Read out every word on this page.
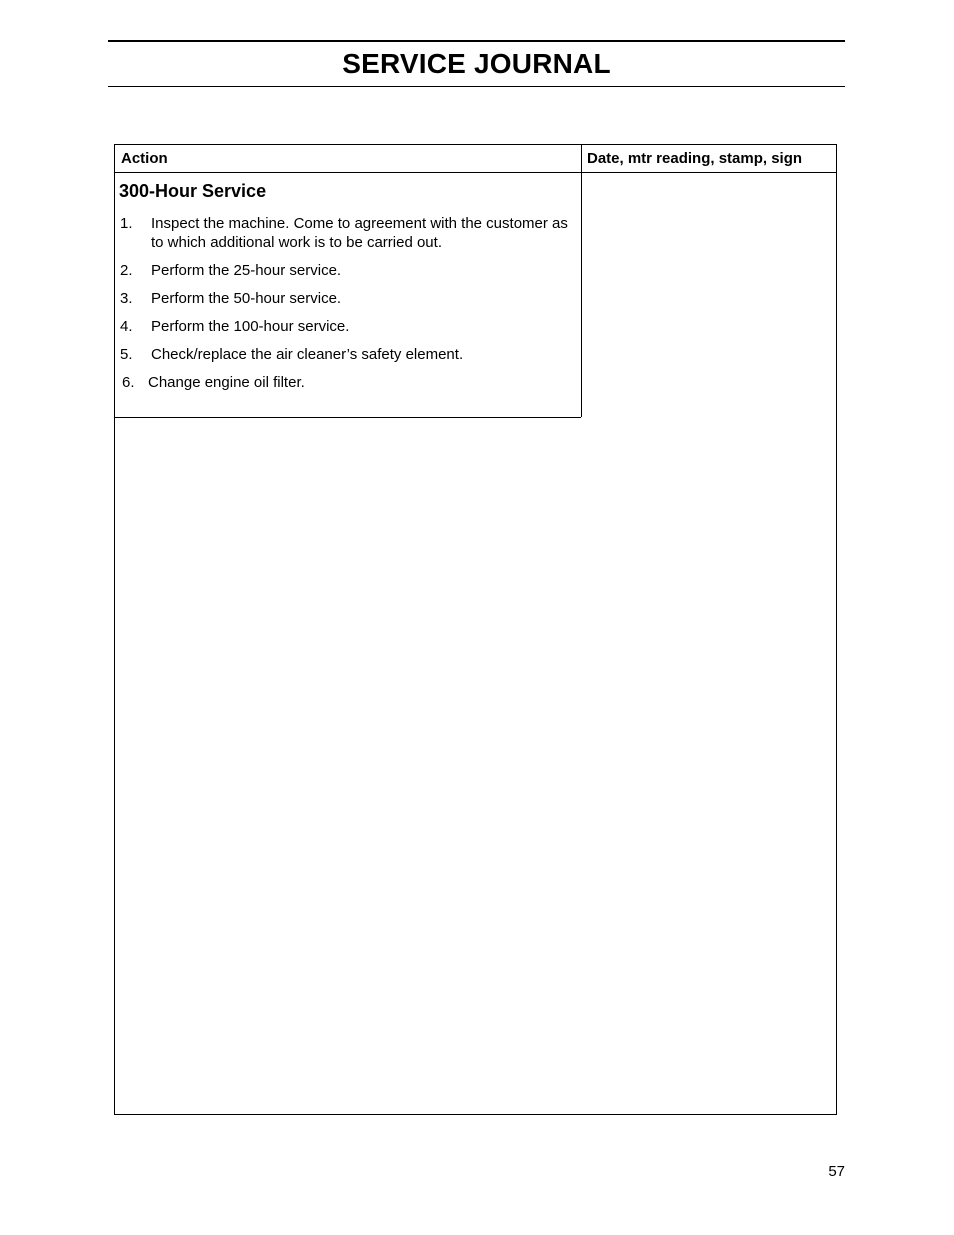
SERVICE JOURNAL
Action	Date, mtr reading, stamp, sign
300-Hour Service
1. Inspect the machine. Come to agreement with the customer as to which additional work is to be carried out.
2. Perform the 25-hour service.
3. Perform the 50-hour service.
4. Perform the 100-hour service.
5. Check/replace the air cleaner’s safety element.
6. Change engine oil filter.
57
